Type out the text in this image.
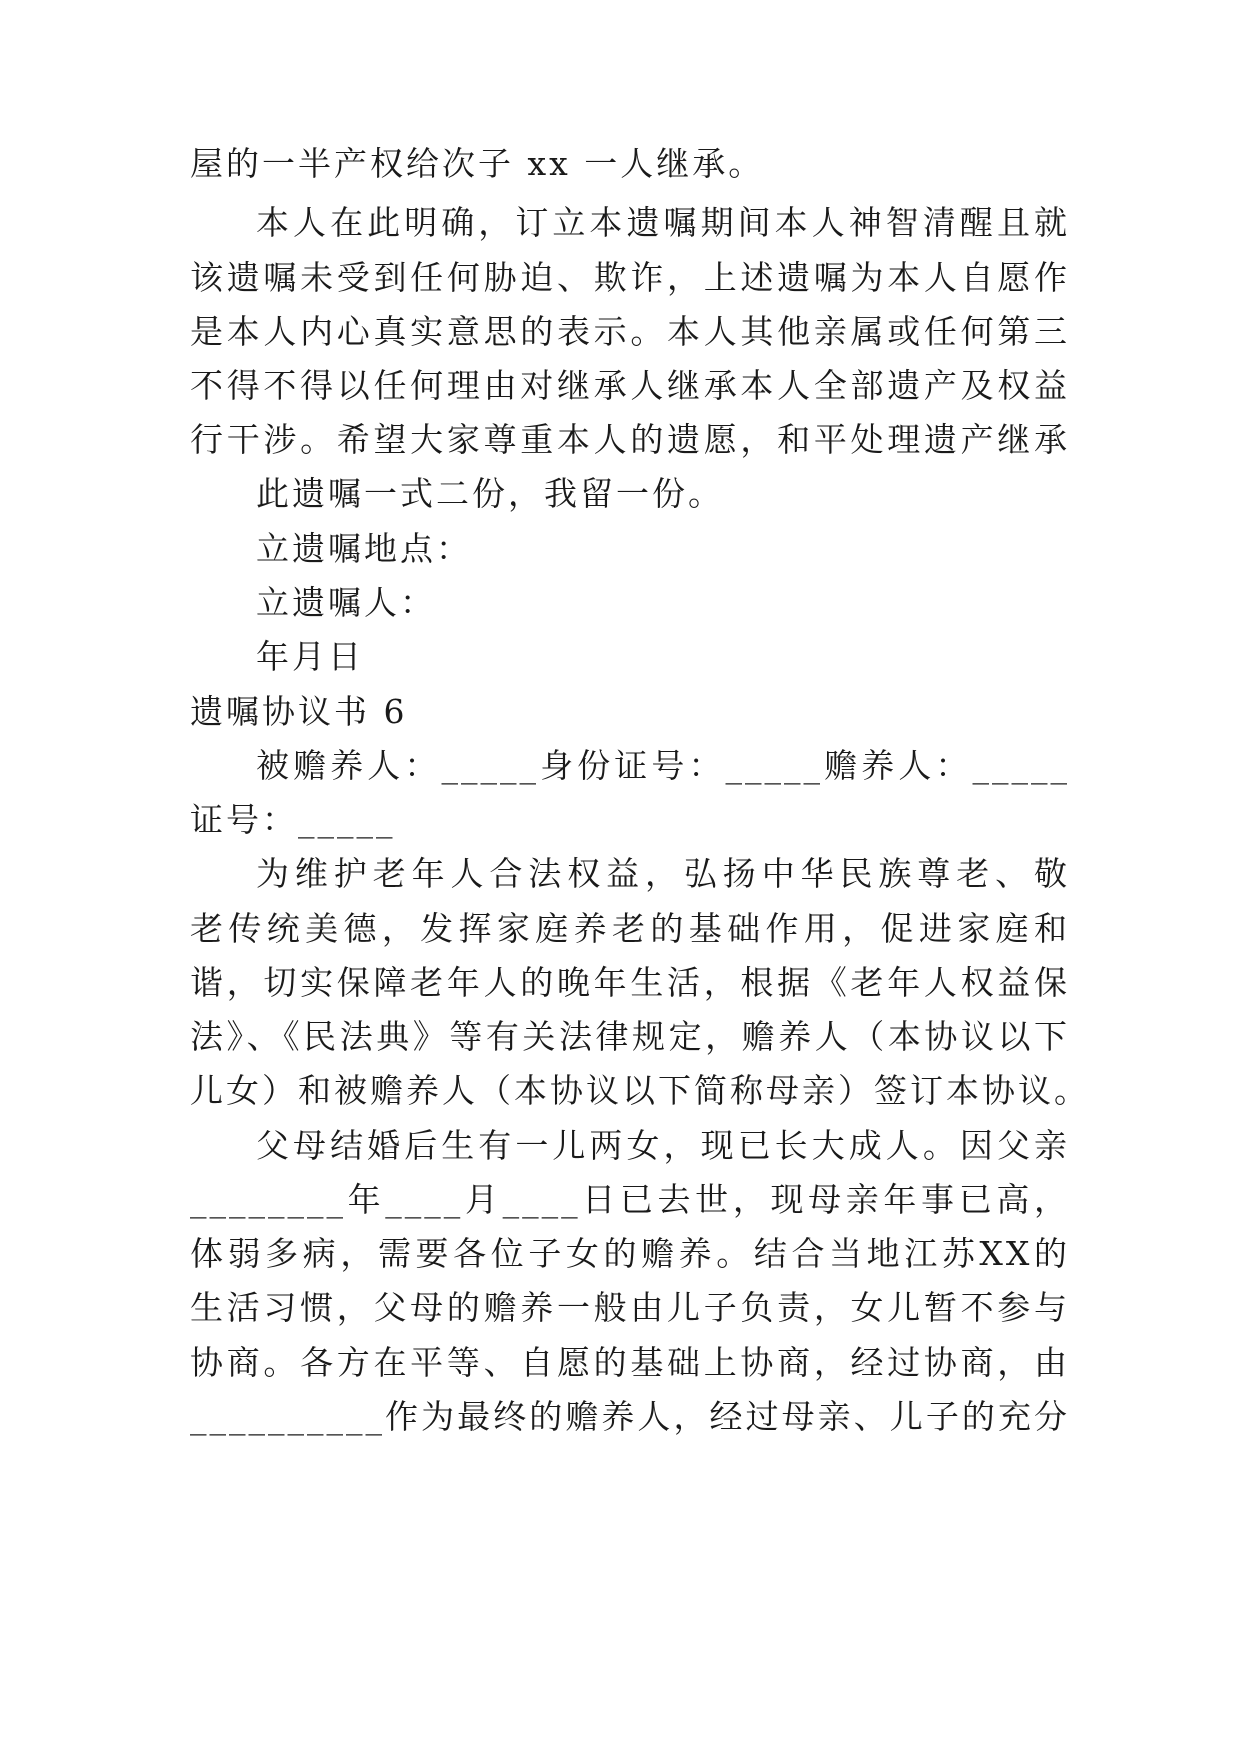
屋的一半产权给次子 xx 一人继承。
本人在此明确，订立本遗嘱期间本人神智清醒且就
该遗嘱未受到任何胁迫、欺诈，上述遗嘱为本人自愿作
是本人内心真实意思的表示。本人其他亲属或任何第三
不得不得以任何理由对继承人继承本人全部遗产及权益
行干涉。希望大家尊重本人的遗愿，和平处理遗产继承
此遗嘱一式二份，我留一份。
立遗嘱地点：
立遗嘱人：
年月日
遗嘱协议书 6
被赡养人：_____身份证号：_____赡养人：_____
证号：_____
为维护老年人合法权益，弘扬中华民族尊老、敬
老传统美德，发挥家庭养老的基础作用，促进家庭和
谐，切实保障老年人的晚年生活，根据《老年人权益保
法》、《民法典》等有关法律规定，赡养人（本协议以下
儿女）和被赡养人（本协议以下简称母亲）签订本协议。
父母结婚后生有一儿两女，现已长大成人。因父亲
________年____月____日已去世，现母亲年事已高，
体弱多病，需要各位子女的赡养。结合当地江苏XX的
生活习惯，父母的赡养一般由儿子负责，女儿暂不参与
协商。各方在平等、自愿的基础上协商，经过协商，由
__________作为最终的赡养人，经过母亲、儿子的充分
